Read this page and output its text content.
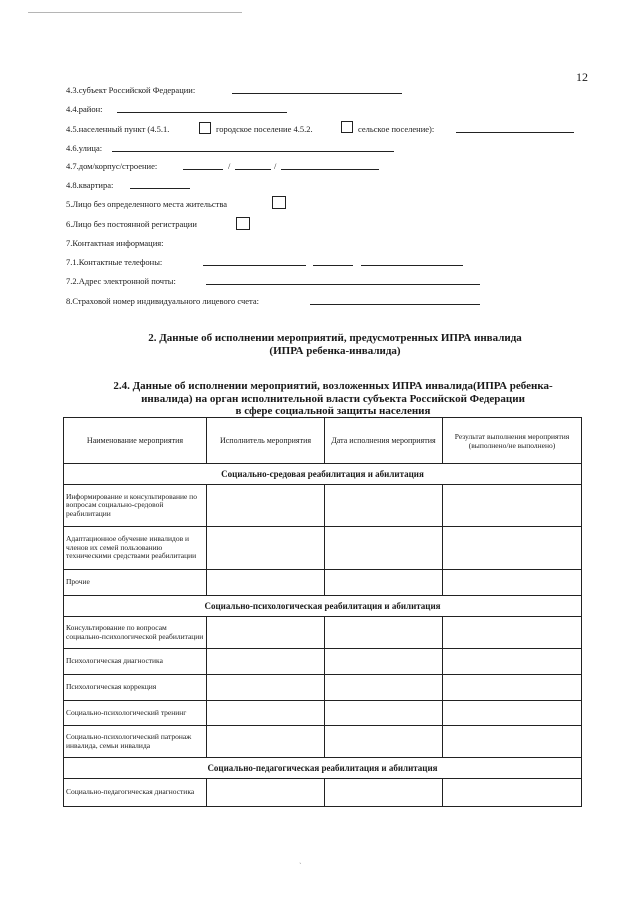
12
4.3.субъект Российской Федерации:
4.4.район:
4.5.населенный пункт (4.5.1.	городское поселение 4.5.2.	сельское поселение):
4.6.улица:
4.7.дом/корпус/строение:	/	/
4.8.квартира:
5.Лицо без определенного места жительства
6.Лицо без постоянной регистрации
7.Контактная информация:
7.1.Контактные телефоны:
7.2.Адрес электронной почты:
8.Страховой номер индивидуального лицевого счета:
2. Данные об исполнении мероприятий, предусмотренных ИПРА инвалида
(ИПРА ребенка-инвалида)
2.4. Данные об исполнении мероприятий, возложенных ИПРА инвалида(ИПРА ребенка-
инвалида) на орган исполнительной власти субъекта Российской Федерации
в сфере социальной защиты населения
Наименование мероприятия	Исполнитель мероприятия	Дата исполнения мероприятия	Результат выполнения мероприятия (выполнено/не выполнено)
Социально-средовая реабилитация и абилитация			
Информирование и консультирование по вопросам социально-средовой реабилитации			
Адаптационное обучение инвалидов и членов их семей пользованию техническими средствами реабилитации			
Прочие			
Социально-психологическая реабилитация и абилитация			
Консультирование по вопросам социально-психологической реабилитации			
Психологическая диагностика			
Психологическая коррекция			
Социально-психологический тренинг			
Социально-психологический патронаж инвалида, семьи инвалида			
Социально-педагогическая реабилитация и абилитация			
Социально-педагогическая диагностика			
˴
